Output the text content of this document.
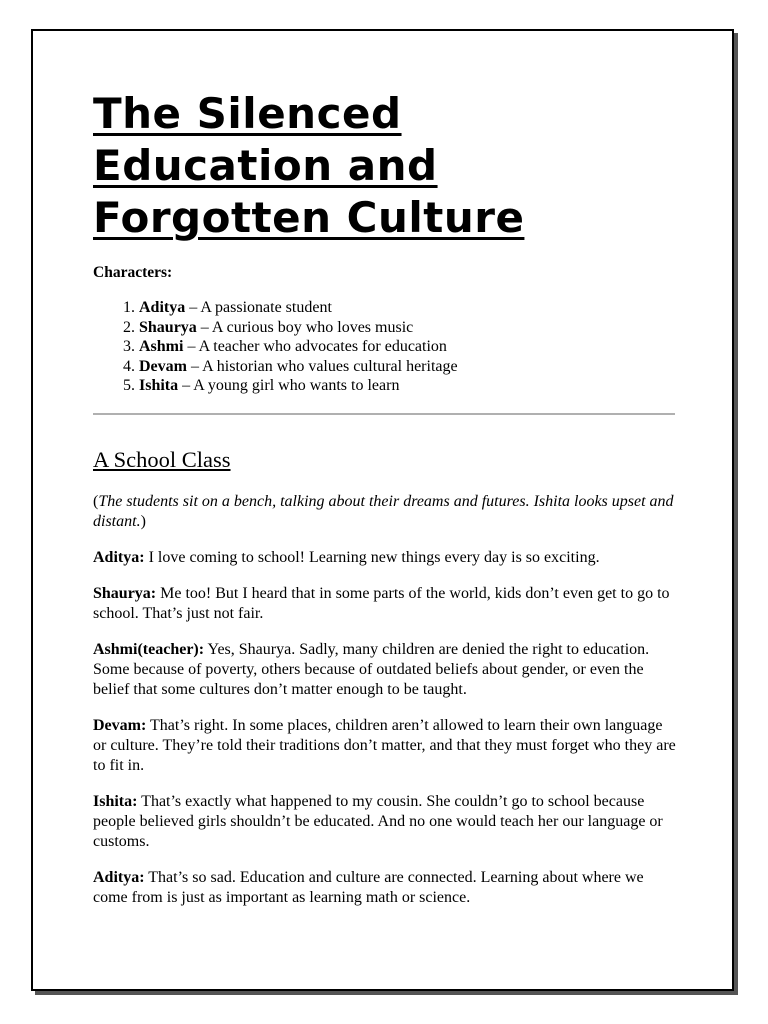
The Silenced
Education and
Forgotten Culture

Characters:

1. Aditya – A passionate student
2. Shaurya – A curious boy who loves music
3. Ashmi – A teacher who advocates for education
4. Devam – A historian who values cultural heritage
5. Ishita – A young girl who wants to learn
A School Class

(The students sit on a bench, talking about their dreams and futures. Ishita looks upset and distant.)

Aditya: I love coming to school! Learning new things every day is so exciting.

Shaurya: Me too! But I heard that in some parts of the world, kids don’t even get to go to school. That’s just not fair.

Ashmi(teacher): Yes, Shaurya. Sadly, many children are denied the right to education. Some because of poverty, others because of outdated beliefs about gender, or even the belief that some cultures don’t matter enough to be taught.

Devam: That’s right. In some places, children aren’t allowed to learn their own language or culture. They’re told their traditions don’t matter, and that they must forget who they are to fit in.

Ishita: That’s exactly what happened to my cousin. She couldn’t go to school because people believed girls shouldn’t be educated. And no one would teach her our language or customs.

Aditya: That’s so sad. Education and culture are connected. Learning about where we come from is just as important as learning math or science.
